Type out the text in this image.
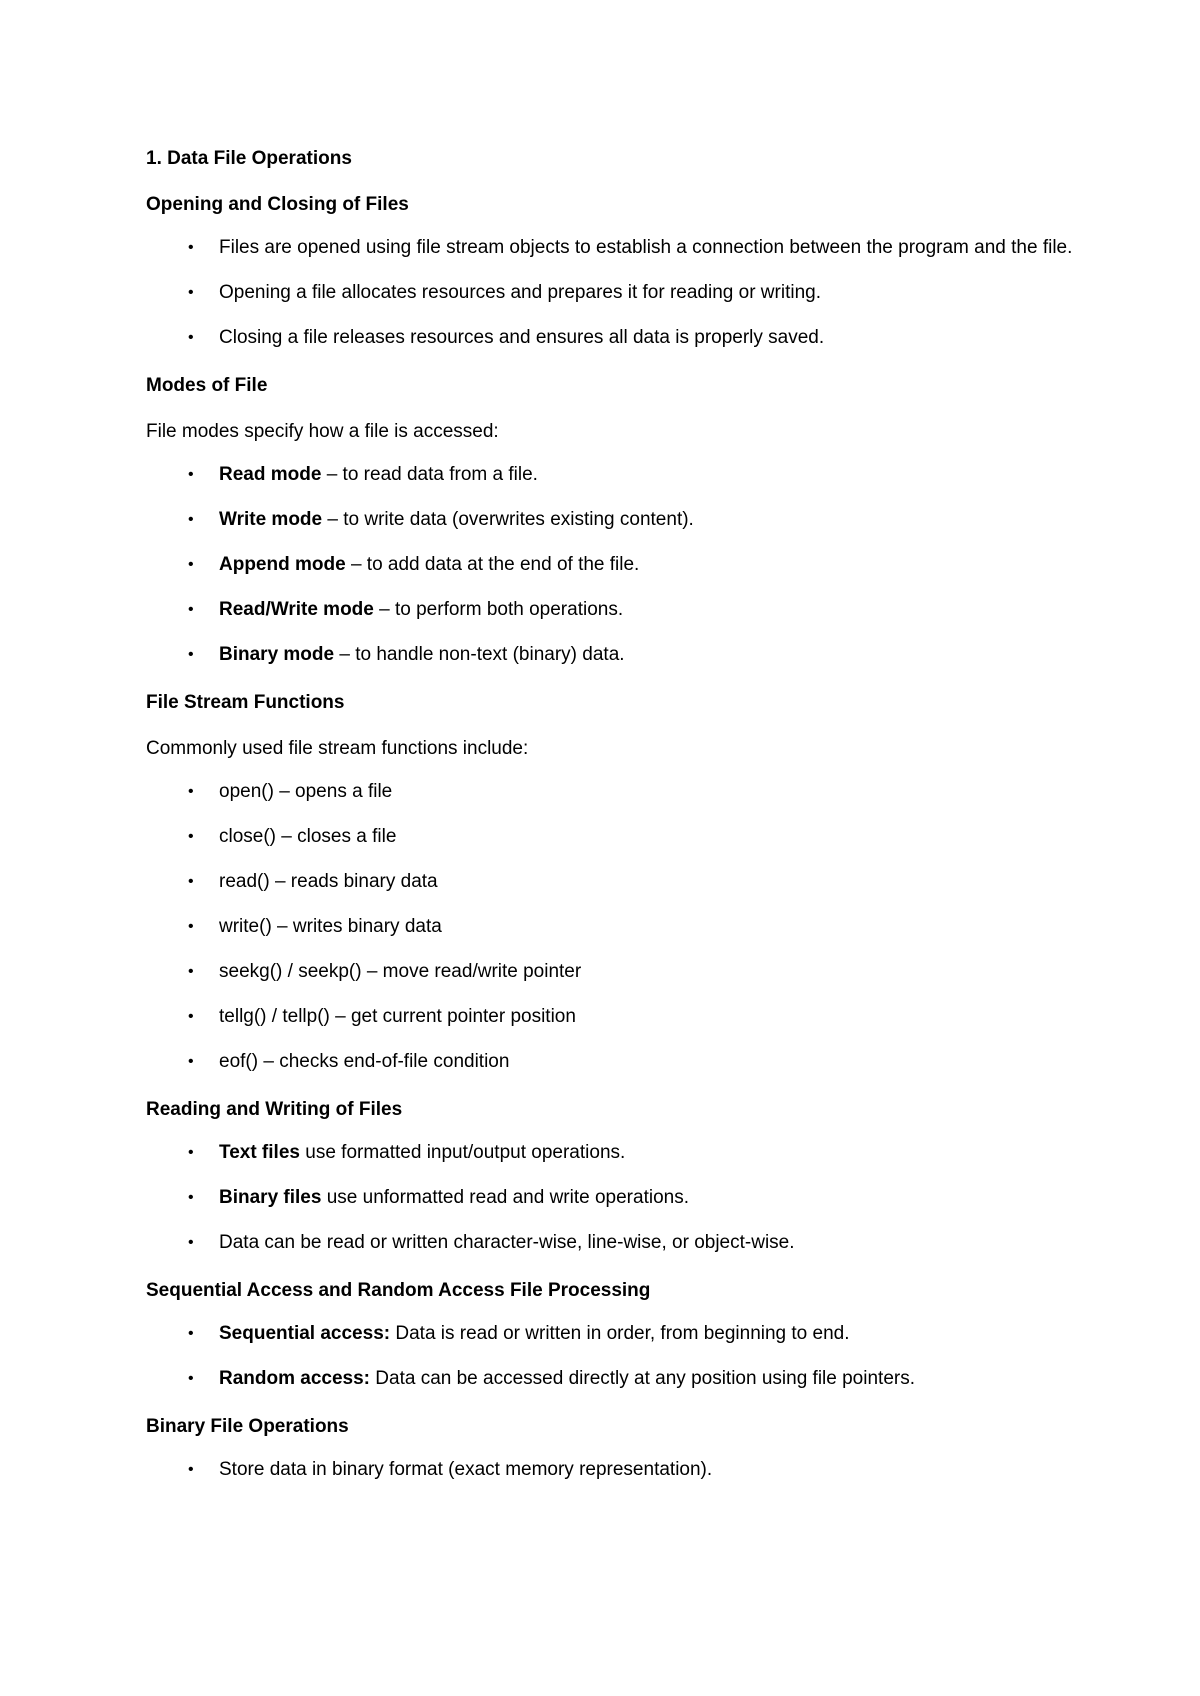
1. Data File Operations

Opening and Closing of Files

• Files are opened using file stream objects to establish a connection between the program and the file.
• Opening a file allocates resources and prepares it for reading or writing.
• Closing a file releases resources and ensures all data is properly saved.

Modes of File

File modes specify how a file is accessed:

• Read mode – to read data from a file.
• Write mode – to write data (overwrites existing content).
• Append mode – to add data at the end of the file.
• Read/Write mode – to perform both operations.
• Binary mode – to handle non-text (binary) data.

File Stream Functions

Commonly used file stream functions include:

• open() – opens a file
• close() – closes a file
• read() – reads binary data
• write() – writes binary data
• seekg() / seekp() – move read/write pointer
• tellg() / tellp() – get current pointer position
• eof() – checks end-of-file condition

Reading and Writing of Files

• Text files use formatted input/output operations.
• Binary files use unformatted read and write operations.
• Data can be read or written character-wise, line-wise, or object-wise.

Sequential Access and Random Access File Processing

• Sequential access: Data is read or written in order, from beginning to end.
• Random access: Data can be accessed directly at any position using file pointers.

Binary File Operations

• Store data in binary format (exact memory representation).
